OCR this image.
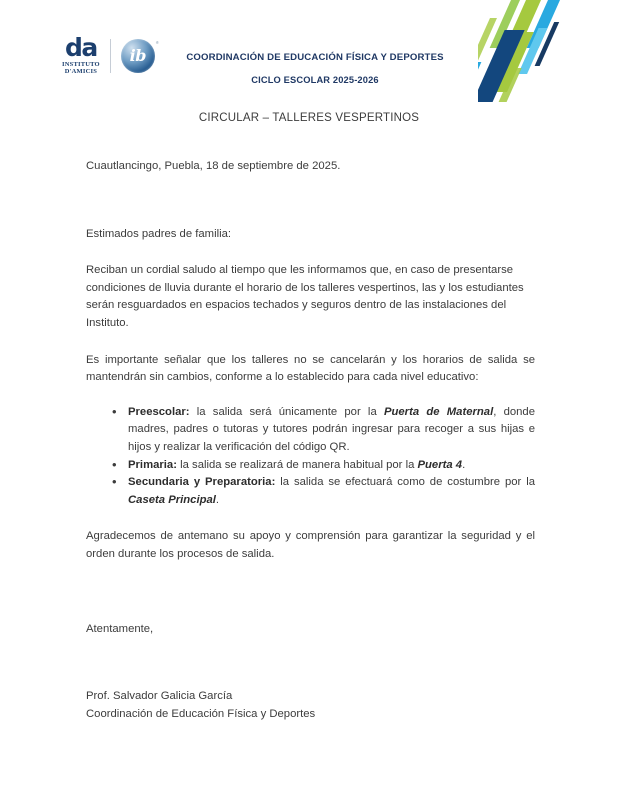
da
INSTITUTO
D'AMICIS
ib
®
COORDINACIÓN DE EDUCACIÓN FÍSICA Y DEPORTES
CICLO ESCOLAR 2025-2026
CIRCULAR – TALLERES VESPERTINOS

Cuautlancingo, Puebla, 18 de septiembre de 2025.

Estimados padres de familia:

Reciban un cordial saludo al tiempo que les informamos que, en caso de presentarse condiciones de lluvia durante el horario de los talleres vespertinos, las y los estudiantes serán resguardados en espacios techados y seguros dentro de las instalaciones del Instituto.

Es importante señalar que los talleres no se cancelarán y los horarios de salida se mantendrán sin cambios, conforme a lo establecido para cada nivel educativo:

• Preescolar: la salida será únicamente por la Puerta de Maternal, donde madres, padres o tutoras y tutores podrán ingresar para recoger a sus hijas e hijos y realizar la verificación del código QR.
• Primaria: la salida se realizará de manera habitual por la Puerta 4.
• Secundaria y Preparatoria: la salida se efectuará como de costumbre por la Caseta Principal.

Agradecemos de antemano su apoyo y comprensión para garantizar la seguridad y el orden durante los procesos de salida.

Atentamente,

Prof. Salvador Galicia García
Coordinación de Educación Física y Deportes
